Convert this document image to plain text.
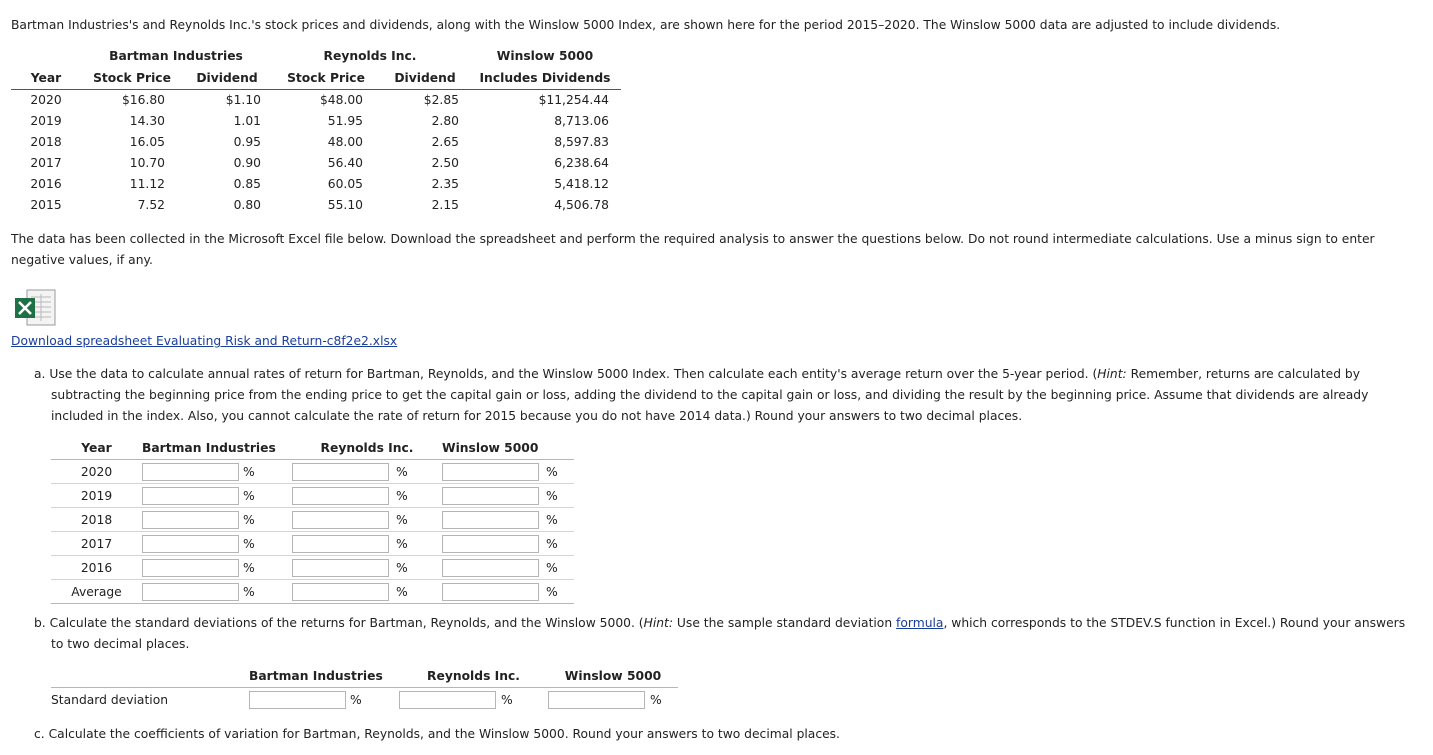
Bartman Industries's and Reynolds Inc.'s stock prices and dividends, along with the Winslow 5000 Index, are shown here for the period 2015–2020. The Winslow 5000 data are adjusted to include dividends.

	Bartman Industries		Reynolds Inc.		Winslow 5000
Year	Stock Price	Dividend	Stock Price	Dividend	Includes Dividends
2020	$16.80	$1.10	$48.00	$2.85	$11,254.44
2019	14.30	1.01	51.95	2.80	8,713.06
2018	16.05	0.95	48.00	2.65	8,597.83
2017	10.70	0.90	56.40	2.50	6,238.64
2016	11.12	0.85	60.05	2.35	5,418.12
2015	7.52	0.80	55.10	2.15	4,506.78
Download spreadsheet Evaluating Risk and Return-c8f2e2.xlsx

The data has been collected in the Microsoft Excel file below. Download the spreadsheet and perform the required analysis to answer the questions below. Do not round intermediate calculations. Use a minus sign to enter negative values, if any.

a. Use the data to calculate annual rates of return for Bartman, Reynolds, and the Winslow 5000 Index. Then calculate each entity's average return over the 5-year period. (Hint: Remember, returns are calculated by subtracting the beginning price from the ending price to get the capital gain or loss, adding the dividend to the capital gain or loss, and dividing the result by the beginning price. Assume that dividends are already included in the index. Also, you cannot calculate the rate of return for 2015 because you do not have 2014 data.) Round your answers to two decimal places.

Year	Bartman Industries		Reynolds Inc.		Winslow 5000	
2020		%		%		%
2019		%		%		%
2018		%		%		%
2017		%		%		%
2016		%		%		%
Average		%		%		%

b. Calculate the standard deviations of the returns for Bartman, Reynolds, and the Winslow 5000. (Hint: Use the sample standard deviation formula, which corresponds to the STDEV.S function in Excel.) Round your answers to two decimal places.

	Bartman Industries		Reynolds Inc.		Winslow 5000	
Standard deviation		%		%		%

c. Calculate the coefficients of variation for Bartman, Reynolds, and the Winslow 5000. Round your answers to two decimal places.
